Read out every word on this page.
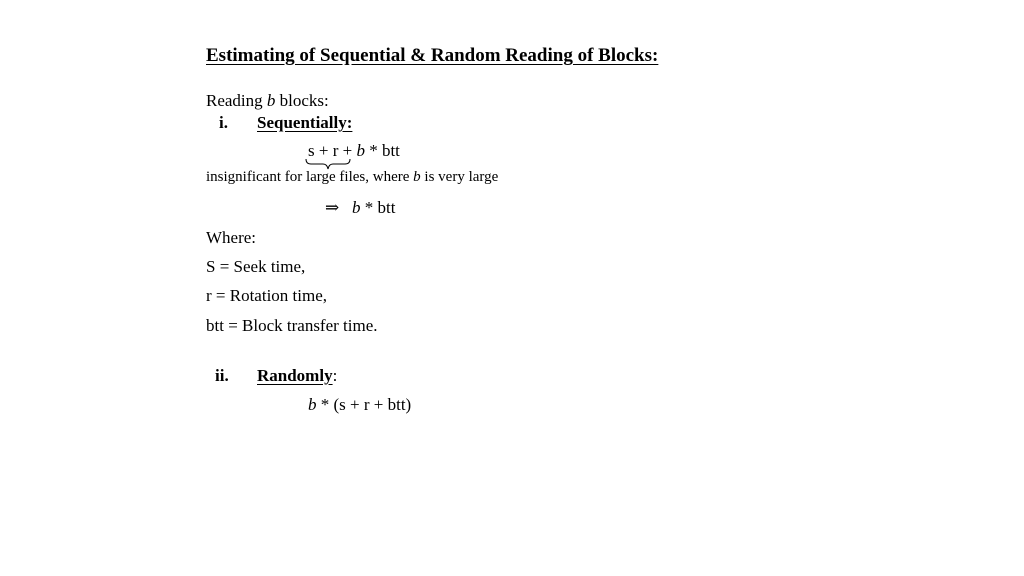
Estimating of Sequential & Random Reading of Blocks:
Reading b blocks:
i. Sequentially:
s + r + b * btt
insignificant for large files, where b is very large
⇒ b * btt
Where:
S = Seek time,
r = Rotation time,
btt = Block transfer time.
ii. Randomly:
b * (s + r + btt)
